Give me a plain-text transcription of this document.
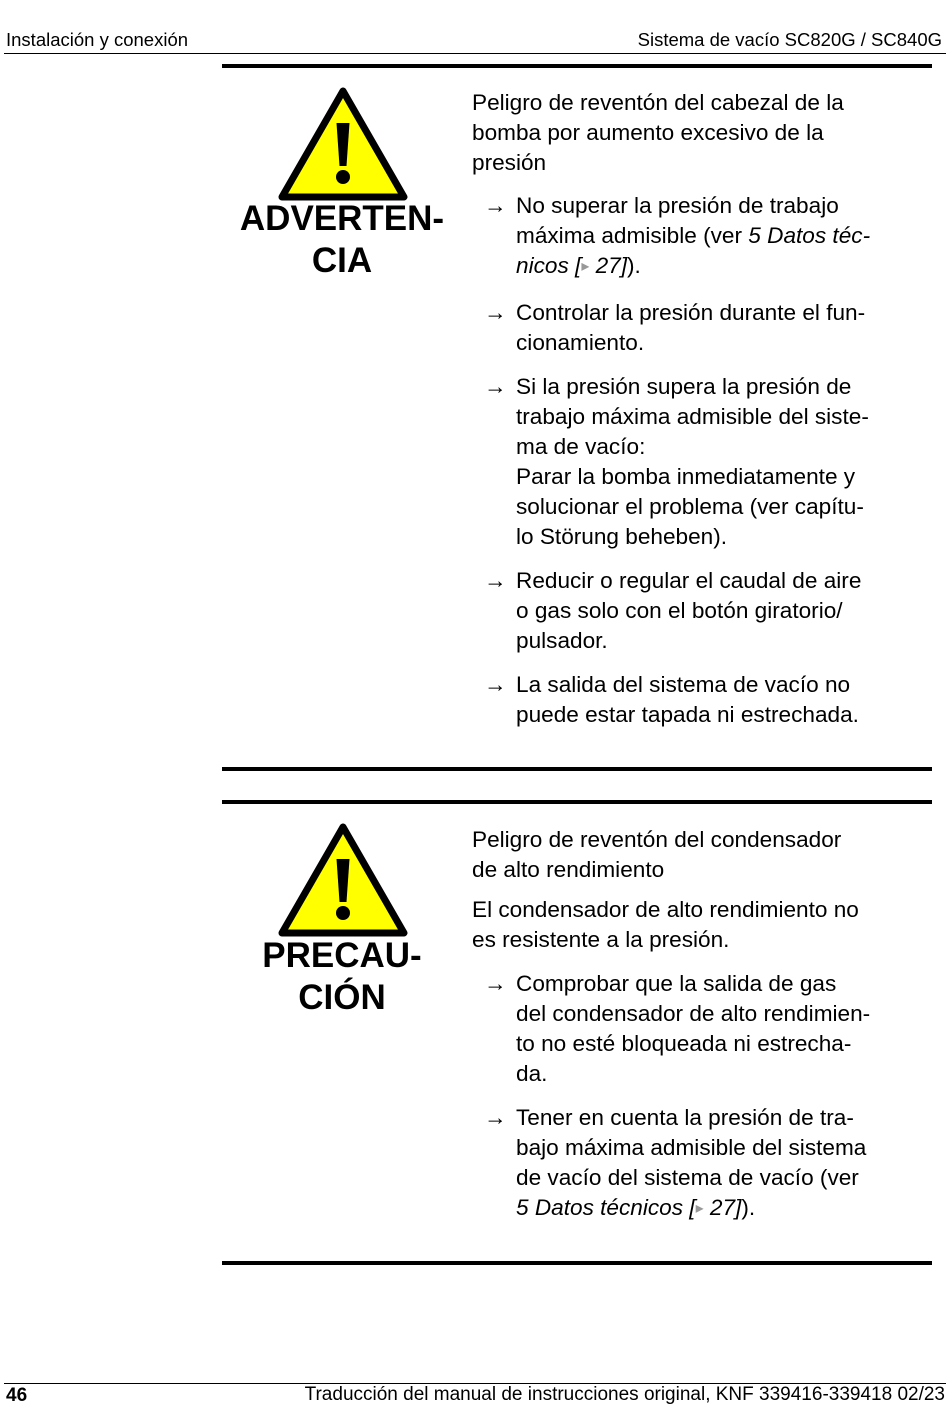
Instalación y conexión	Sistema de vacío SC820G / SC840G
ADVERTEN-
CIA

Peligro de reventón del cabezal de la
bomba por aumento excesivo de la
presión

→ No superar la presión de trabajo
máxima admisible (ver 5 Datos téc-
nicos [▸ 27]).

→ Controlar la presión durante el fun-
cionamiento.

→ Si la presión supera la presión de
trabajo máxima admisible del siste-
ma de vacío:
Parar la bomba inmediatamente y
solucionar el problema (ver capítu-
lo Störung beheben).

→ Reducir o regular el caudal de aire
o gas solo con el botón giratorio/
pulsador.

→ La salida del sistema de vacío no
puede estar tapada ni estrechada.

PRECAU-
CIÓN

Peligro de reventón del condensador
de alto rendimiento

El condensador de alto rendimiento no
es resistente a la presión.

→ Comprobar que la salida de gas
del condensador de alto rendimien-
to no esté bloqueada ni estrecha-
da.

→ Tener en cuenta la presión de tra-
bajo máxima admisible del sistema
de vacío del sistema de vacío (ver
5 Datos técnicos [▸ 27]).

46	Traducción del manual de instrucciones original, KNF 339416-339418 02/23
